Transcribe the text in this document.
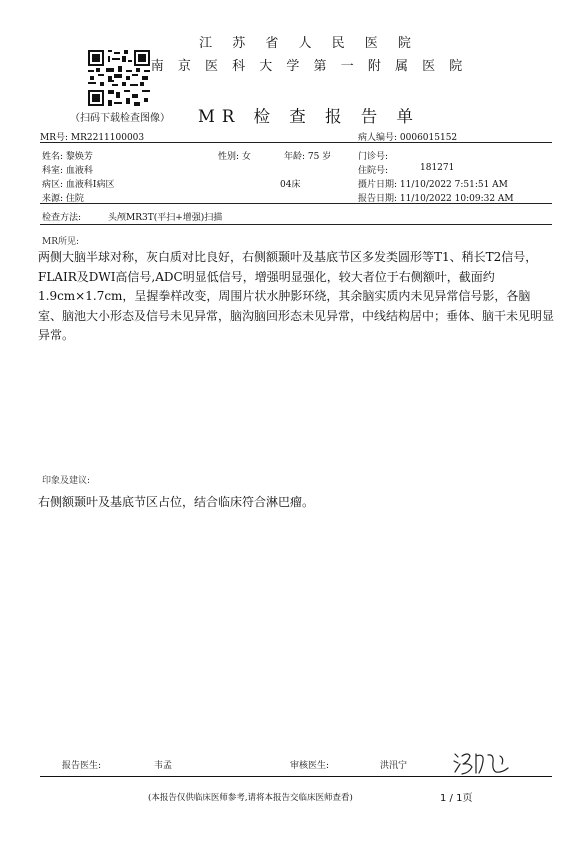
（扫码下载检查图像）
江 苏 省 人 民 医 院
南 京 医 科 大 学 第 一 附 属 医 院
MR 检 查 报 告 单
MR号: MR2211100003	病人编号: 0006015152
姓名: 黎焕芳	性别: 女	年龄: 75 岁	门诊号:
科室: 血液科	住院号:	181271
病区: 血液科I病区	04床	摄片日期: 11/10/2022 7:51:51 AM
来源: 住院	报告日期: 11/10/2022 10:09:32 AM
检查方法:	头颅MR3T(平扫+增强)扫描
MR所见:
两侧大脑半球对称，灰白质对比良好，右侧额颞叶及基底节区多发类圆形等T1、稍长T2信号，FLAIR及DWI高信号,ADC明显低信号，增强明显强化，较大者位于右侧额叶，截面约1.9cm×1.7cm，呈握拳样改变，周围片状水肿影环绕，其余脑实质内未见异常信号影，各脑室、脑池大小形态及信号未见异常，脑沟脑回形态未见异常，中线结构居中；垂体、脑干未见明显异常。
印象及建议:
右侧额颞叶及基底节区占位，结合临床符合淋巴瘤。
报告医生:	韦孟	审核医生:	洪汛宁
(本报告仅供临床医师参考,请将本报告交临床医师查看)	1 / 1页
